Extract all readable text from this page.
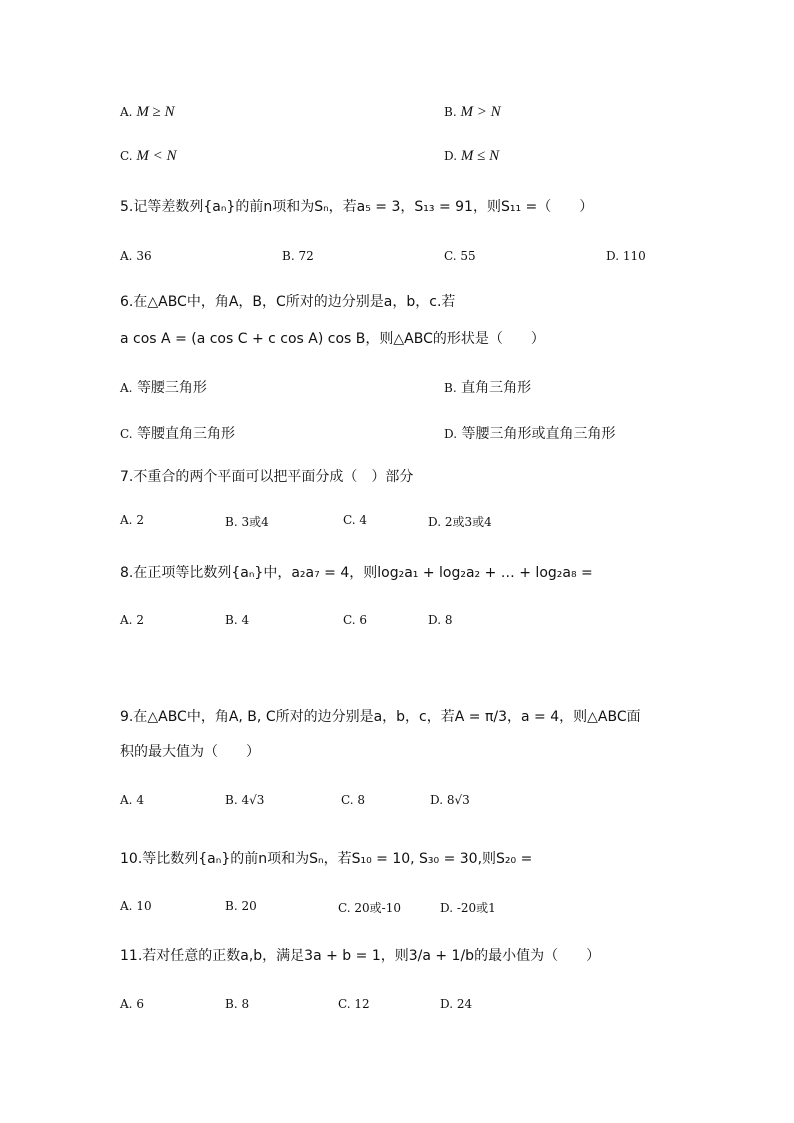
A. M ≥ N	B. M > N
C. M < N	D. M ≤ N
5.记等差数列{aₙ}的前n项和为Sₙ，若a₅ = 3，S₁₃ = 91，则S₁₁ =（　　）
A. 36	B. 72	C. 55	D. 110
6.在△ABC中，角A，B，C所对的边分别是a，b，c.若
a cos A = (a cos C + c cos A) cos B，则△ABC的形状是（　　）
A. 等腰三角形	B. 直角三角形
C. 等腰直角三角形	D. 等腰三角形或直角三角形
7.不重合的两个平面可以把平面分成（　）部分
A. 2	B. 3或4	C. 4	D. 2或3或4
8.在正项等比数列{aₙ}中，a₂a₇ = 4，则log₂a₁ + log₂a₂ + … + log₂a₈ =
A. 2	B. 4	C. 6	D. 8
9.在△ABC中，角A, B, C所对的边分别是a，b，c，若A = π/3，a = 4，则△ABC面
积的最大值为（　　）
A. 4	B. 4√3	C. 8	D. 8√3
10.等比数列{aₙ}的前n项和为Sₙ，若S₁₀ = 10, S₃₀ = 30,则S₂₀ =
A. 10	B. 20	C. 20或-10	D. -20或1
11.若对任意的正数a,b，满足3a + b = 1，则3/a + 1/b的最小值为（　　）
A. 6	B. 8	C. 12	D. 24
